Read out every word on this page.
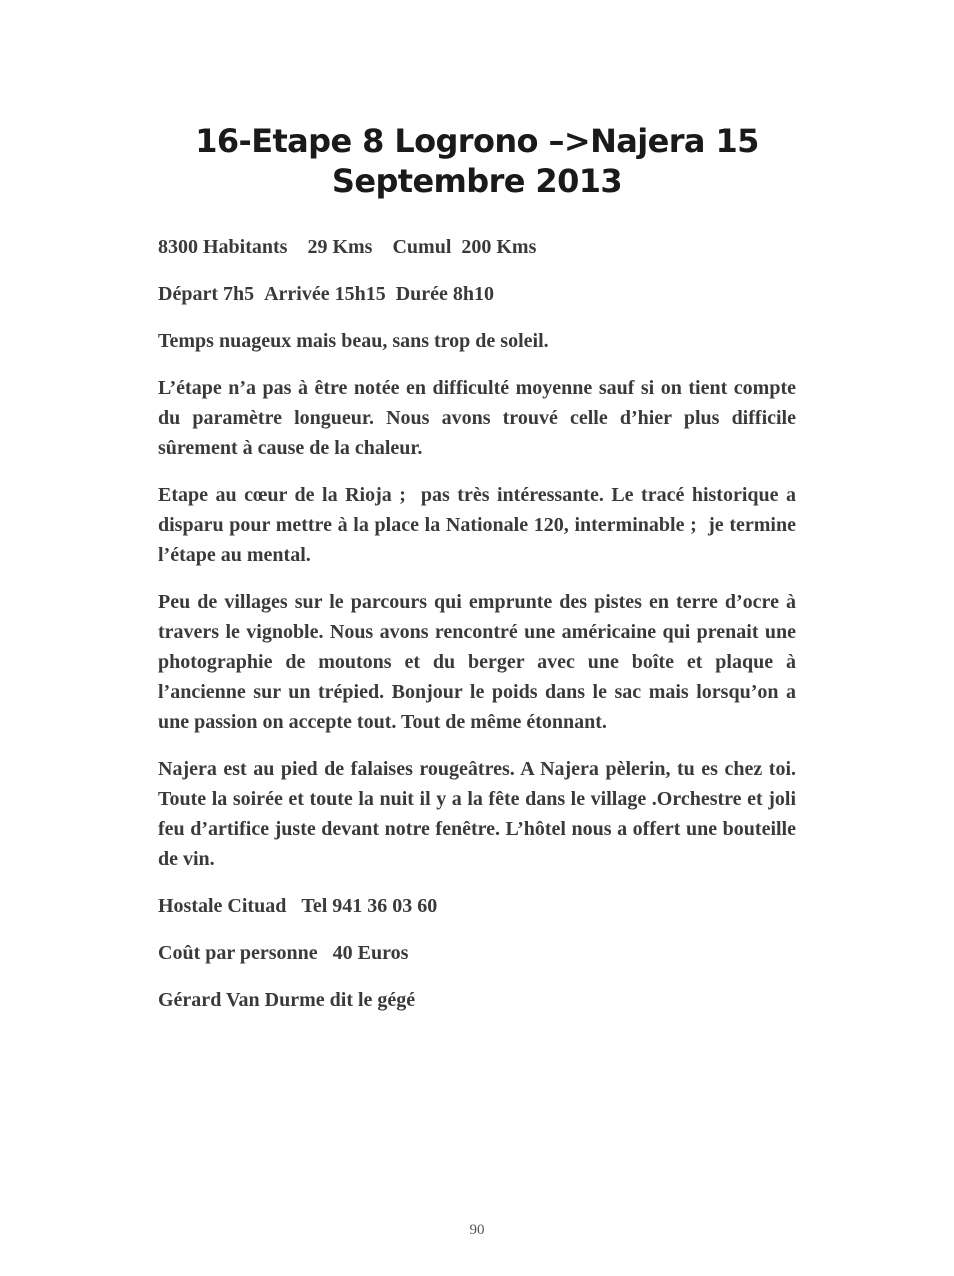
16-Etape 8 Logrono –>Najera 15
Septembre 2013

8300 Habitants    29 Kms    Cumul  200 Kms

Départ 7h5  Arrivée 15h15  Durée 8h10

Temps nuageux mais beau, sans trop de soleil.

L’étape n’a pas à être notée en difficulté moyenne sauf si on tient compte du paramètre longueur. Nous avons trouvé celle d’hier plus difficile sûrement à cause de la chaleur.

Etape au cœur de la Rioja ;  pas très intéressante. Le tracé historique a disparu pour mettre à la place la Nationale 120, interminable ;  je termine l’étape au mental.

Peu de villages sur le parcours qui emprunte des pistes en terre d’ocre à travers le vignoble. Nous avons rencontré une américaine qui prenait une photographie de moutons et du berger avec une boîte et plaque à l’ancienne sur un trépied. Bonjour le poids dans le sac mais lorsqu’on a une passion on accepte tout. Tout de même étonnant.

Najera est au pied de falaises rougeâtres. A Najera pèlerin, tu es chez toi. Toute la soirée et toute la nuit il y a la fête dans le village .Orchestre et joli feu d’artifice juste devant notre fenêtre. L’hôtel nous a offert une bouteille de vin.

Hostale Cituad   Tel 941 36 03 60

Coût par personne   40 Euros

Gérard Van Durme dit le gégé

90
